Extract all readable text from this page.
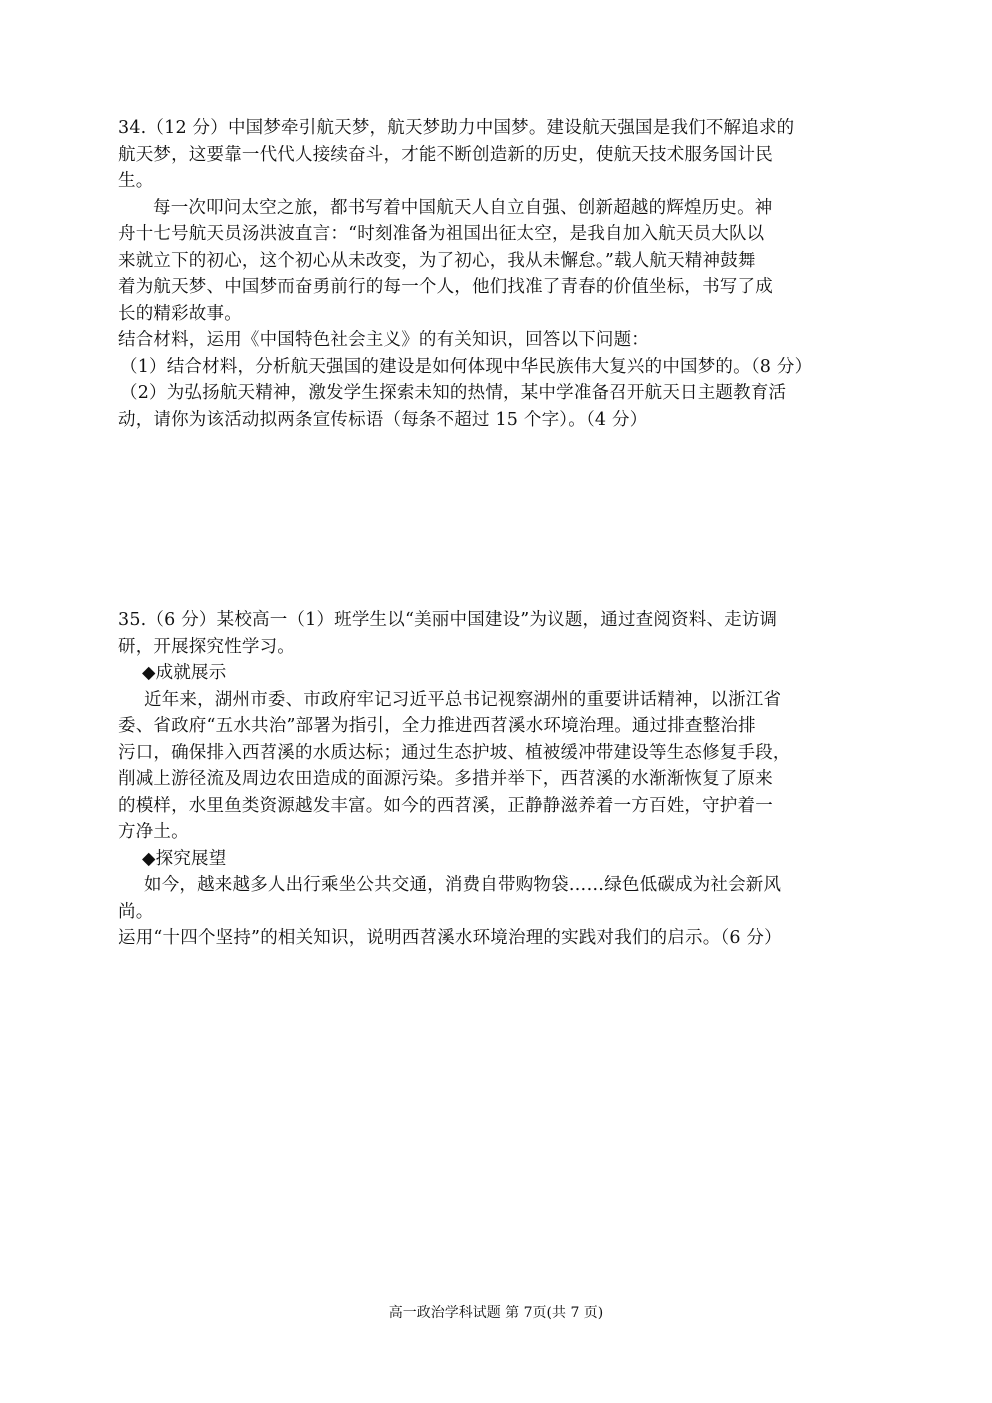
34.（12 分）中国梦牵引航天梦，航天梦助力中国梦。建设航天强国是我们不解追求的
航天梦，这要靠一代代人接续奋斗，才能不断创造新的历史，使航天技术服务国计民
生。
每一次叩问太空之旅，都书写着中国航天人自立自强、创新超越的辉煌历史。神
舟十七号航天员汤洪波直言：“时刻准备为祖国出征太空，是我自加入航天员大队以
来就立下的初心，这个初心从未改变，为了初心，我从未懈怠。”载人航天精神鼓舞
着为航天梦、中国梦而奋勇前行的每一个人，他们找准了青春的价值坐标，书写了成
长的精彩故事。
结合材料，运用《中国特色社会主义》的有关知识，回答以下问题：
（1）结合材料，分析航天强国的建设是如何体现中华民族伟大复兴的中国梦的。（8 分）
（2）为弘扬航天精神，激发学生探索未知的热情，某中学准备召开航天日主题教育活
动，请你为该活动拟两条宣传标语（每条不超过 15 个字）。（4 分）
35.（6 分）某校高一（1）班学生以“美丽中国建设”为议题，通过查阅资料、走访调
研，开展探究性学习。
◆成就展示
近年来，湖州市委、市政府牢记习近平总书记视察湖州的重要讲话精神，以浙江省
委、省政府“五水共治”部署为指引，全力推进西苕溪水环境治理。通过排查整治排
污口，确保排入西苕溪的水质达标；通过生态护坡、植被缓冲带建设等生态修复手段，
削减上游径流及周边农田造成的面源污染。多措并举下，西苕溪的水渐渐恢复了原来
的模样，水里鱼类资源越发丰富。如今的西苕溪，正静静滋养着一方百姓，守护着一
方净土。
◆探究展望
如今，越来越多人出行乘坐公共交通，消费自带购物袋……绿色低碳成为社会新风
尚。
运用“十四个坚持”的相关知识，说明西苕溪水环境治理的实践对我们的启示。（6 分）
高一政治学科试题 第 7页(共 7 页)
